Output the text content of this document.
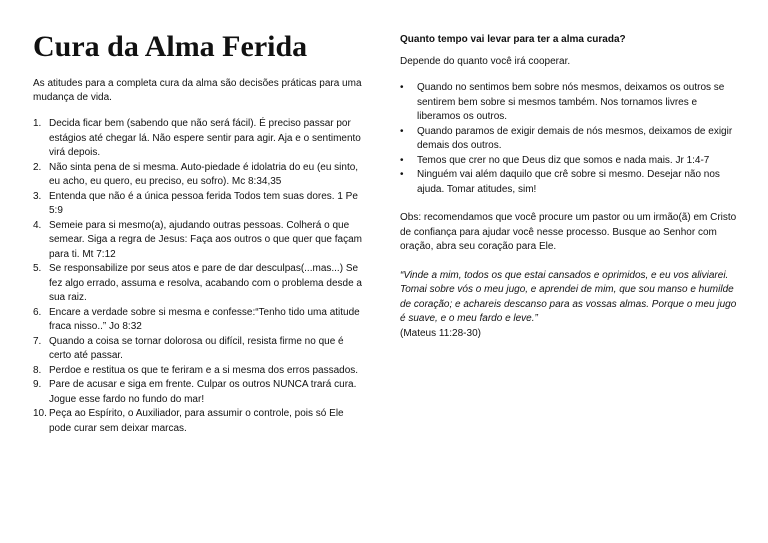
Cura da Alma Ferida

As atitudes para a completa cura da alma são decisões práticas para uma mudança de vida.

1. Decida ficar bem (sabendo que não será fácil). É preciso passar por estágios até chegar lá. Não espere sentir para agir. Aja e o sentimento virá depois.
2. Não sinta pena de si mesma. Auto-piedade é idolatria do eu (eu sinto, eu acho, eu quero, eu preciso, eu sofro). Mc 8:34,35
3. Entenda que não é a única pessoa ferida Todos tem suas dores. 1 Pe 5:9
4. Semeie para si mesmo(a), ajudando outras pessoas. Colherá o que semear. Siga a regra de Jesus: Faça aos outros o que quer que façam para ti. Mt 7:12
5. Se responsabilize por seus atos e pare de dar desculpas(...mas...) Se fez algo errado, assuma e resolva, acabando com o problema desde a sua raiz.
6. Encare a verdade sobre si mesma e confesse:“Tenho tido uma atitude fraca nisso..” Jo 8:32
7. Quando a coisa se tornar dolorosa ou difícil, resista firme no que é certo até passar.
8. Perdoe e restitua os que te feriram e a si mesma dos erros passados.
9. Pare de acusar e siga em frente. Culpar os outros NUNCA trará cura. Jogue esse fardo no fundo do mar!
10. Peça ao Espírito, o Auxiliador, para assumir o controle, pois só Ele pode curar sem deixar marcas.

Quanto tempo vai levar para ter a alma curada?

Depende do quanto você irá cooperar.

• Quando no sentimos bem sobre nós mesmos, deixamos os outros se sentirem bem sobre si mesmos também. Nos tornamos livres e liberamos os outros.
• Quando paramos de exigir demais de nós mesmos, deixamos de exigir demais dos outros.
• Temos que crer no que Deus diz que somos e nada mais. Jr 1:4-7
• Ninguém vai além daquilo que crê sobre si mesmo. Desejar não nos ajuda. Tomar atitudes, sim!

Obs: recomendamos que você procure um pastor ou um irmão(ã) em Cristo de confiança para ajudar você nesse processo. Busque ao Senhor com oração, abra seu coração para Ele.

“Vinde a mim, todos os que estai cansados e oprimidos, e eu vos aliviarei. Tomai sobre vós o meu jugo, e aprendei de mim, que sou manso e humilde de coração; e achareis descanso para as vossas almas. Porque o meu jugo é suave, e o meu fardo e leve.”

(Mateus 11:28-30)
